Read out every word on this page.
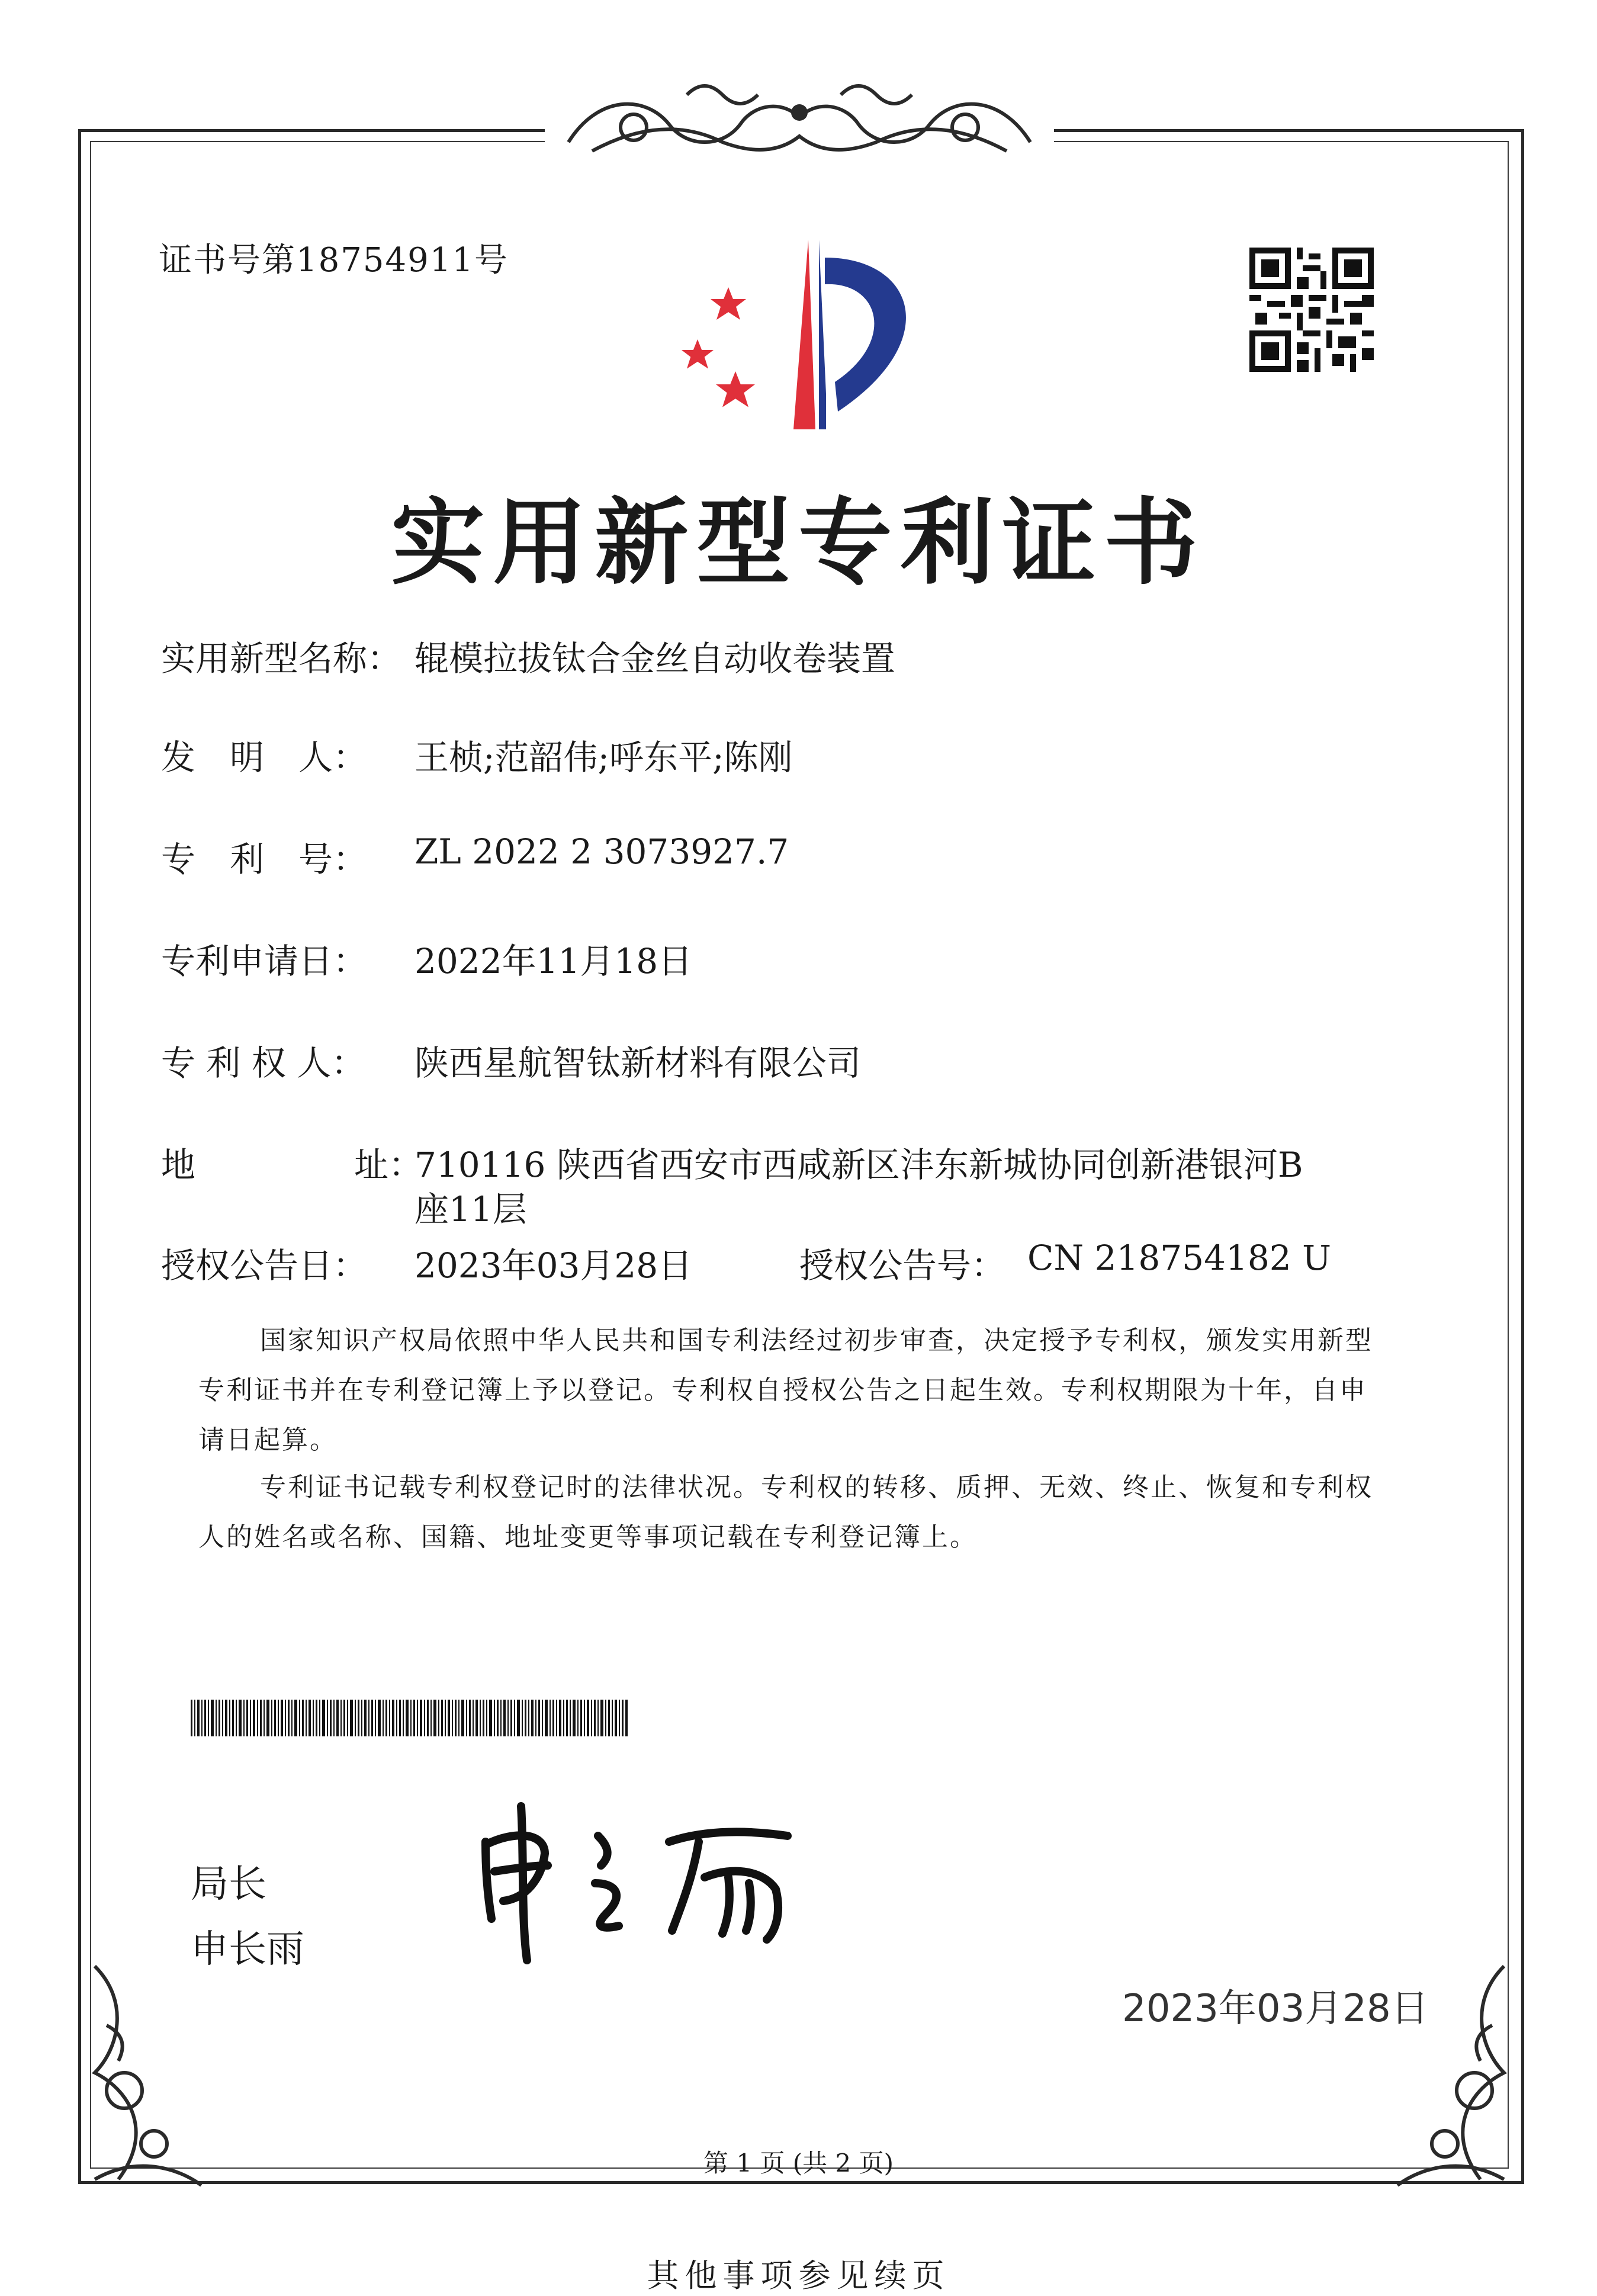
证书号第18754911号
实用新型专利证书
实用新型名称： 辊模拉拔钛合金丝自动收卷装置
发　明　人： 王桢;范韶伟;呼东平;陈刚
专　利　号： ZL 2022 2 3073927.7
专利申请日： 2022年11月18日
专 利 权 人： 陕西星航智钛新材料有限公司
地	址：
710116 陕西省西安市西咸新区沣东新城协同创新港银河B
座11层
授权公告日： 2023年03月28日	授权公告号： CN 218754182 U
国家知识产权局依照中华人民共和国专利法经过初步审查，决定授予专利权，颁发实用新型
专利证书并在专利登记簿上予以登记。专利权自授权公告之日起生效。专利权期限为十年，自申
请日起算。
专利证书记载专利权登记时的法律状况。专利权的转移、质押、无效、终止、恢复和专利权
人的姓名或名称、国籍、地址变更等事项记载在专利登记簿上。
局长
申长雨
2023年03月28日
第 1 页 (共 2 页)
其他事项参见续页
